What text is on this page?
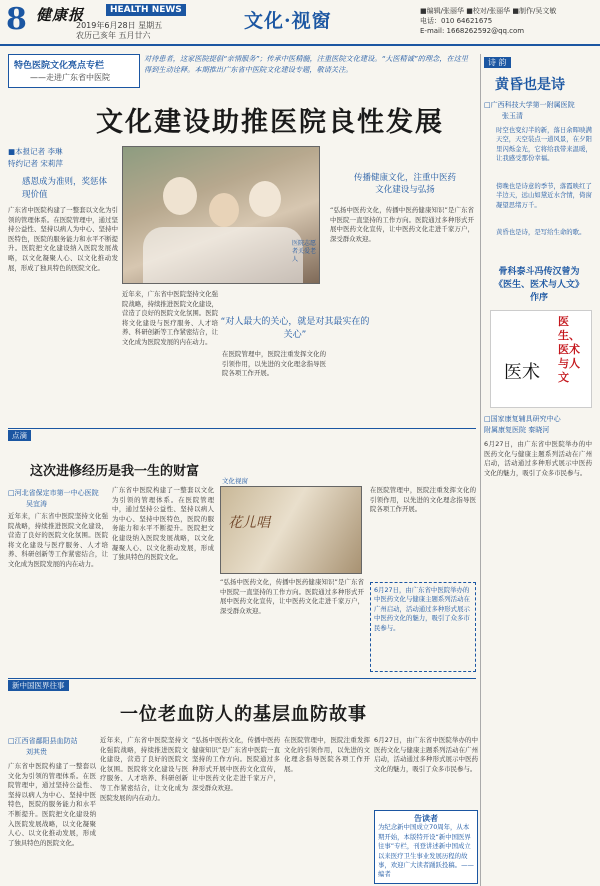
8 健康报	HEALTH NEWS
2019年6月28日 星期五
农历己亥年 五月廿六
文化·视窗	■编辑/张丽华 ■校对/张丽华 ■制作/吴文敏
电话：010 64621675
E-mail: 1668262592@qq.com
特色医院文化亮点专栏
——走进广东省中医院
对待患者，这家医院提倡“亲情服务”；传承中医精髓，注重医院文化建设。“大医精诚”的理念，在这里得到生动诠释。本期推出广东省中医院文化建设专题，敬请关注。
文化建设助推医院良性发展
■本报记者 李琳
特约记者 宋莉萍
感恩成为准则，奖惩体现价值
广东省中医院构建了一整套以文化为引领的管理体系。在医院管理中，通过坚持公益性、坚持以病人为中心、坚持中医特色，医院的服务能力和水平不断提升。医院把文化建设纳入医院发展战略，以文化凝聚人心、以文化推动发展，形成了独具特色的医院文化。
近年来，广东省中医院坚持文化强院战略，持续推进医院文化建设，营造了良好的医院文化氛围。医院将文化建设与医疗服务、人才培养、科研创新等工作紧密结合，让文化成为医院发展的内在动力。
医院志愿者关爱老人
传播健康文化，注重中医药文化建设与弘扬
“弘扬中医药文化，传播中医药健康知识”是广东省中医院一直坚持的工作方向。医院通过多种形式开展中医药文化宣传，让中医药文化走进千家万户，深受群众欢迎。
“对人最大的关心，就是对其最实在的关心”
在医院管理中，医院注重发挥文化的引领作用，以先进的文化理念指导医院各项工作开展。
诗 韵
黄昏也是诗
□广西科技大学第一附属医院
张玉清
时空也变幻半的新，落日余晖映满天空，天空装点一道风景，在夕阳里闪烁金光，它将给我带来温暖，让我感受那份幸福。
傍晚也是诗意的季节，落霞映红了半边天，远山如黛近水含情，倚窗凝望思绪万千。
黄昏也是诗，是写给生命的歌。
骨科泰斗冯传汉曾为
《医生、医术与人文》
作序
医生、医术与人文
医术
□国家康复辅具研究中心
附属康复医院 秦晓河
6月27日，由广东省中医院举办的中医药文化与健康主题系列活动在广州启动，活动通过多种形式展示中医药文化的魅力，吸引了众多市民参与。
点滴
这次进修经历是我一生的财富
□河北省保定市第一中心医院
吴宜涛
近年来，广东省中医院坚持文化强院战略，持续推进医院文化建设，营造了良好的医院文化氛围。医院将文化建设与医疗服务、人才培养、科研创新等工作紧密结合，让文化成为医院发展的内在动力。
广东省中医院构建了一整套以文化为引领的管理体系。在医院管理中，通过坚持公益性、坚持以病人为中心、坚持中医特色，医院的服务能力和水平不断提升。医院把文化建设纳入医院发展战略，以文化凝聚人心、以文化推动发展，形成了独具特色的医院文化。
文化视窗
花儿唱
“弘扬中医药文化，传播中医药健康知识”是广东省中医院一直坚持的工作方向。医院通过多种形式开展中医药文化宣传，让中医药文化走进千家万户，深受群众欢迎。
在医院管理中，医院注重发挥文化的引领作用，以先进的文化理念指导医院各项工作开展。
6月27日，由广东省中医院举办的中医药文化与健康主题系列活动在广州启动，活动通过多种形式展示中医药文化的魅力，吸引了众多市民参与。
新中国医界往事
一位老血防人的基层血防故事
□江西省鄱阳县血防站
刘其贵
广东省中医院构建了一整套以文化为引领的管理体系。在医院管理中，通过坚持公益性、坚持以病人为中心、坚持中医特色，医院的服务能力和水平不断提升。医院把文化建设纳入医院发展战略，以文化凝聚人心、以文化推动发展，形成了独具特色的医院文化。
近年来，广东省中医院坚持文化强院战略，持续推进医院文化建设，营造了良好的医院文化氛围。医院将文化建设与医疗服务、人才培养、科研创新等工作紧密结合，让文化成为医院发展的内在动力。
“弘扬中医药文化，传播中医药健康知识”是广东省中医院一直坚持的工作方向。医院通过多种形式开展中医药文化宣传，让中医药文化走进千家万户，深受群众欢迎。
在医院管理中，医院注重发挥文化的引领作用，以先进的文化理念指导医院各项工作开展。
6月27日，由广东省中医院举办的中医药文化与健康主题系列活动在广州启动，活动通过多种形式展示中医药文化的魅力，吸引了众多市民参与。
告读者
为纪念新中国成立70周年，从本期开始，本版特开设“新中国医界往事”专栏，刊登讲述新中国成立以来医疗卫生事业发展历程的故事，欢迎广大读者踊跃投稿。——编者
